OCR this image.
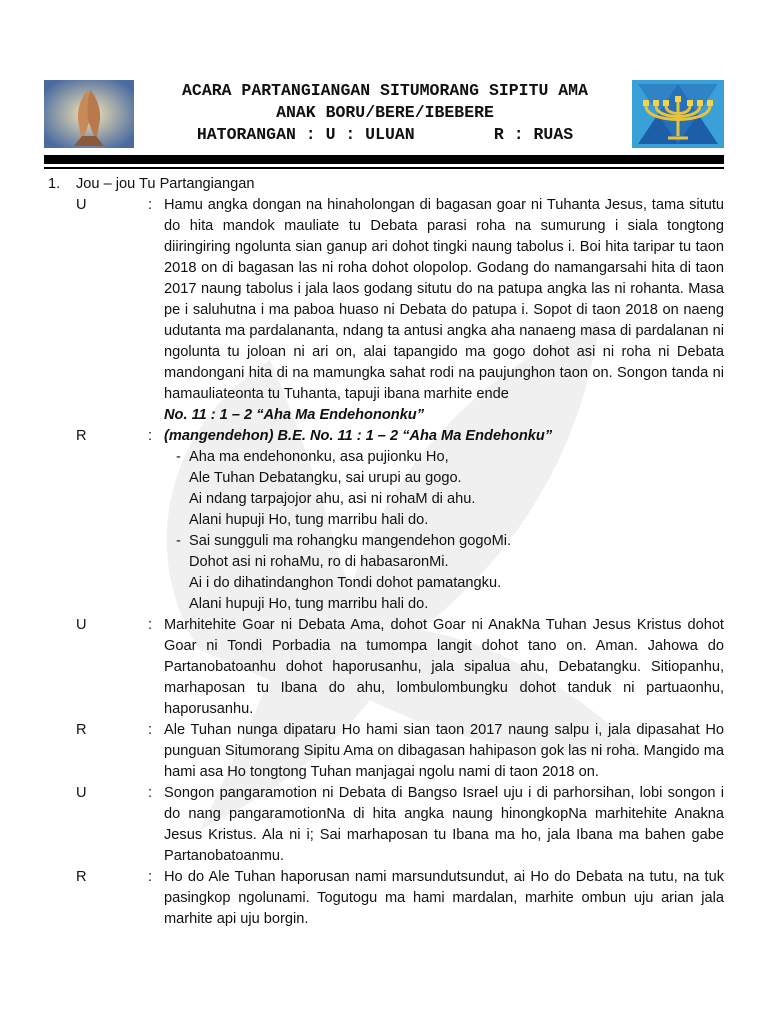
ACARA PARTANGIANGAN SITUMORANG SIPITU AMA
ANAK BORU/BERE/IBEBERE
HATORANGAN : U : ULUAN        R : RUAS
1.	Jou – jou Tu Partangiangan
U	: Hamu angka dongan na hinaholongan di bagasan goar ni Tuhanta Jesus, tama situtu do hita mandok mauliate tu Debata parasi roha na sumurung i siala tongtong diiringiring ngoluntа sian ganup ari dohot tingki naung tabolus i. Boi hita taripar tu taon 2018 on di bagasan las ni roha dohot olopolop. Godang do namangarsahi hita di taon 2017 naung tabolus i jala laos godang situtu do na patupa angka las ni rohanta. Masa pe i saluhutna i ma paboa huaso ni Debata do patupa i. Sopot di taon 2018 on naeng udutanta ma pardalananta, ndang ta antusi angka aha nanaeng masa di pardalanan ni ngoluntа tu joloan ni ari on, alai tapangido ma gogo dohot asi ni roha ni Debata mandongani hita di na mamungka sahat rodi na paujunghon taon on. Songon tanda ni hamauliateonta tu Tuhanta, tapuji ibana marhite ende
No. 11 : 1 – 2 “Aha Ma Endehononku”
R	: (mangendehon) B.E. No. 11 : 1 – 2 “Aha Ma Endehonku”
- Aha ma endehononku, asa pujionku Ho,
Ale Tuhan Debatangku, sai urupi au gogo.
Ai ndang tarpajojor ahu, asi ni rohaM di ahu.
Alani hupuji Ho, tung marribu hali do.
- Sai sungguli ma rohangku mangendehon gogoMi.
Dohot asi ni rohaMu, ro di habasaronMi.
Ai i do dihatindanghon Tondi dohot pamatangku.
Alani hupuji Ho, tung marribu hali do.
U	: Marhitehite Goar ni Debata Ama, dohot Goar ni AnakNa Tuhan Jesus Kristus dohot Goar ni Tondi Porbadia na tumompa langit dohot tano on. Aman. Jahowa do Partanobatoanhu dohot haporusanhu, jala sipalua ahu, Debatangku. Sitiopanhu, marhaposan tu Ibana do ahu, lombulombungku dohot tanduk ni partuaonhu, haporusanhu.
R	: Ale Tuhan nunga dipataru Ho hami sian taon 2017 naung salpu i, jala dipasahat Ho punguan Situmorang Sipitu Ama on dibagasan hahipason gok las ni roha. Mangido ma hami asa Ho tongtong Tuhan manjagai ngolu nami di taon 2018 on.
U	: Songon pangaramotion ni Debata di Bangso Israel uju i di parhorsihan, lobi songon i do nang pangaramotionNa di hita angka naung hinongkopNa marhitehite Anakna Jesus Kristus. Ala ni i; Sai marhaposan tu Ibana ma ho, jala Ibana ma bahen gabe Partanobatoanmu.
R	: Ho do Ale Tuhan haporusan nami marsundutsundut, ai Ho do Debata na tutu, na tuk pasingkop ngolunami. Togutogu ma hami mardalan, marhite ombun uju arian jala marhite api uju borgin.
